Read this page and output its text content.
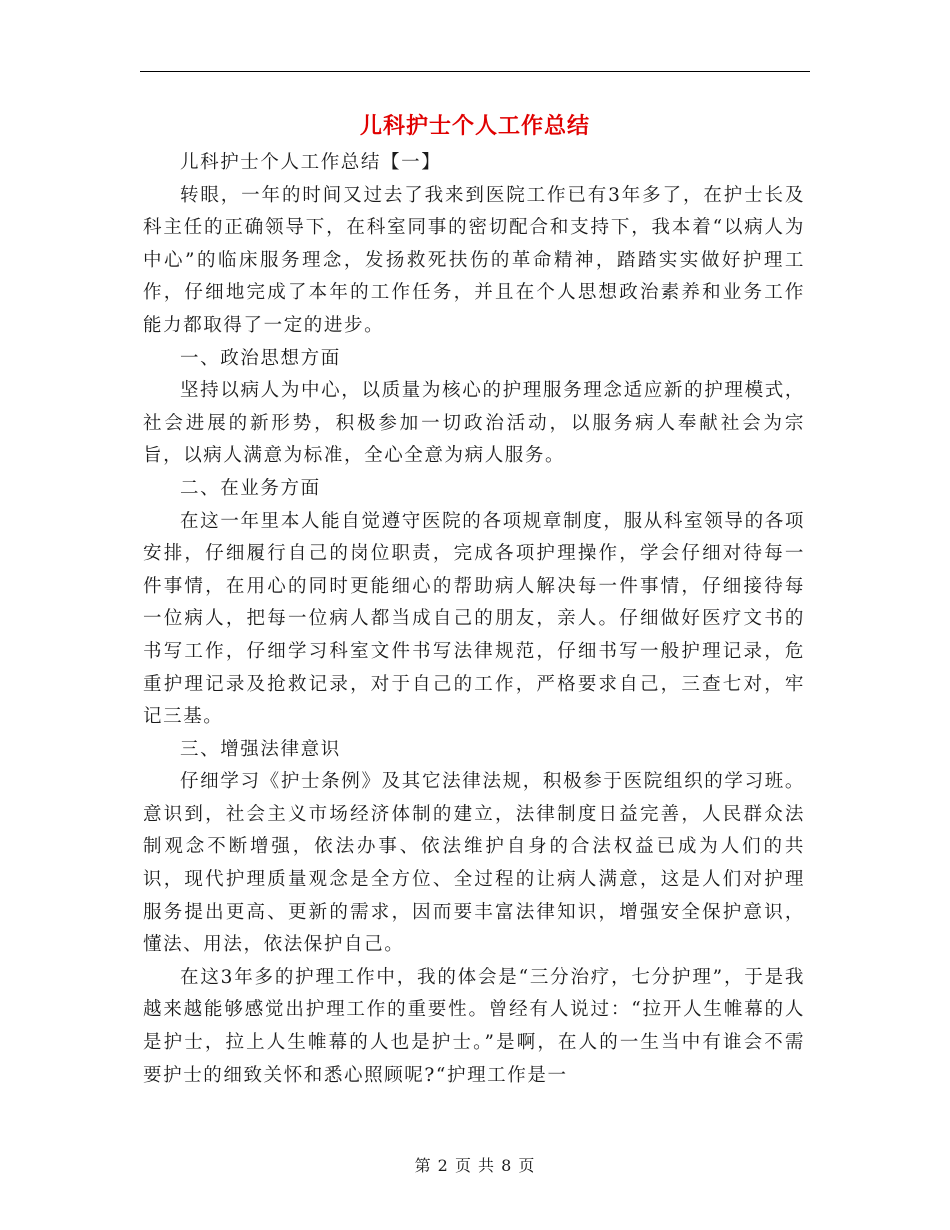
儿科护士个人工作总结

儿科护士个人工作总结【一】

转眼，一年的时间又过去了我来到医院工作已有3年多了，在护士长及科主任的正确领导下，在科室同事的密切配合和支持下，我本着“以病人为中心”的临床服务理念，发扬救死扶伤的革命精神，踏踏实实做好护理工作，仔细地完成了本年的工作任务，并且在个人思想政治素养和业务工作能力都取得了一定的进步。

一、政治思想方面

坚持以病人为中心，以质量为核心的护理服务理念适应新的护理模式，社会进展的新形势，积极参加一切政治活动，以服务病人奉献社会为宗旨，以病人满意为标准，全心全意为病人服务。

二、在业务方面

在这一年里本人能自觉遵守医院的各项规章制度，服从科室领导的各项安排，仔细履行自己的岗位职责，完成各项护理操作，学会仔细对待每一件事情，在用心的同时更能细心的帮助病人解决每一件事情，仔细接待每一位病人，把每一位病人都当成自己的朋友，亲人。仔细做好医疗文书的书写工作，仔细学习科室文件书写法律规范，仔细书写一般护理记录，危重护理记录及抢救记录，对于自己的工作，严格要求自己，三查七对，牢记三基。

三、增强法律意识

仔细学习《护士条例》及其它法律法规，积极参于医院组织的学习班。意识到，社会主义市场经济体制的建立，法律制度日益完善，人民群众法制观念不断增强，依法办事、依法维护自身的合法权益已成为人们的共识，现代护理质量观念是全方位、全过程的让病人满意，这是人们对护理服务提出更高、更新的需求，因而要丰富法律知识，增强安全保护意识，懂法、用法，依法保护自己。

在这3年多的护理工作中，我的体会是“三分治疗，七分护理”，于是我越来越能够感觉出护理工作的重要性。曾经有人说过：“拉开人生帷幕的人是护士，拉上人生帷幕的人也是护士。”是啊，在人的一生当中有谁会不需要护士的细致关怀和悉心照顾呢?“护理工作是一

第 2 页 共 8 页
